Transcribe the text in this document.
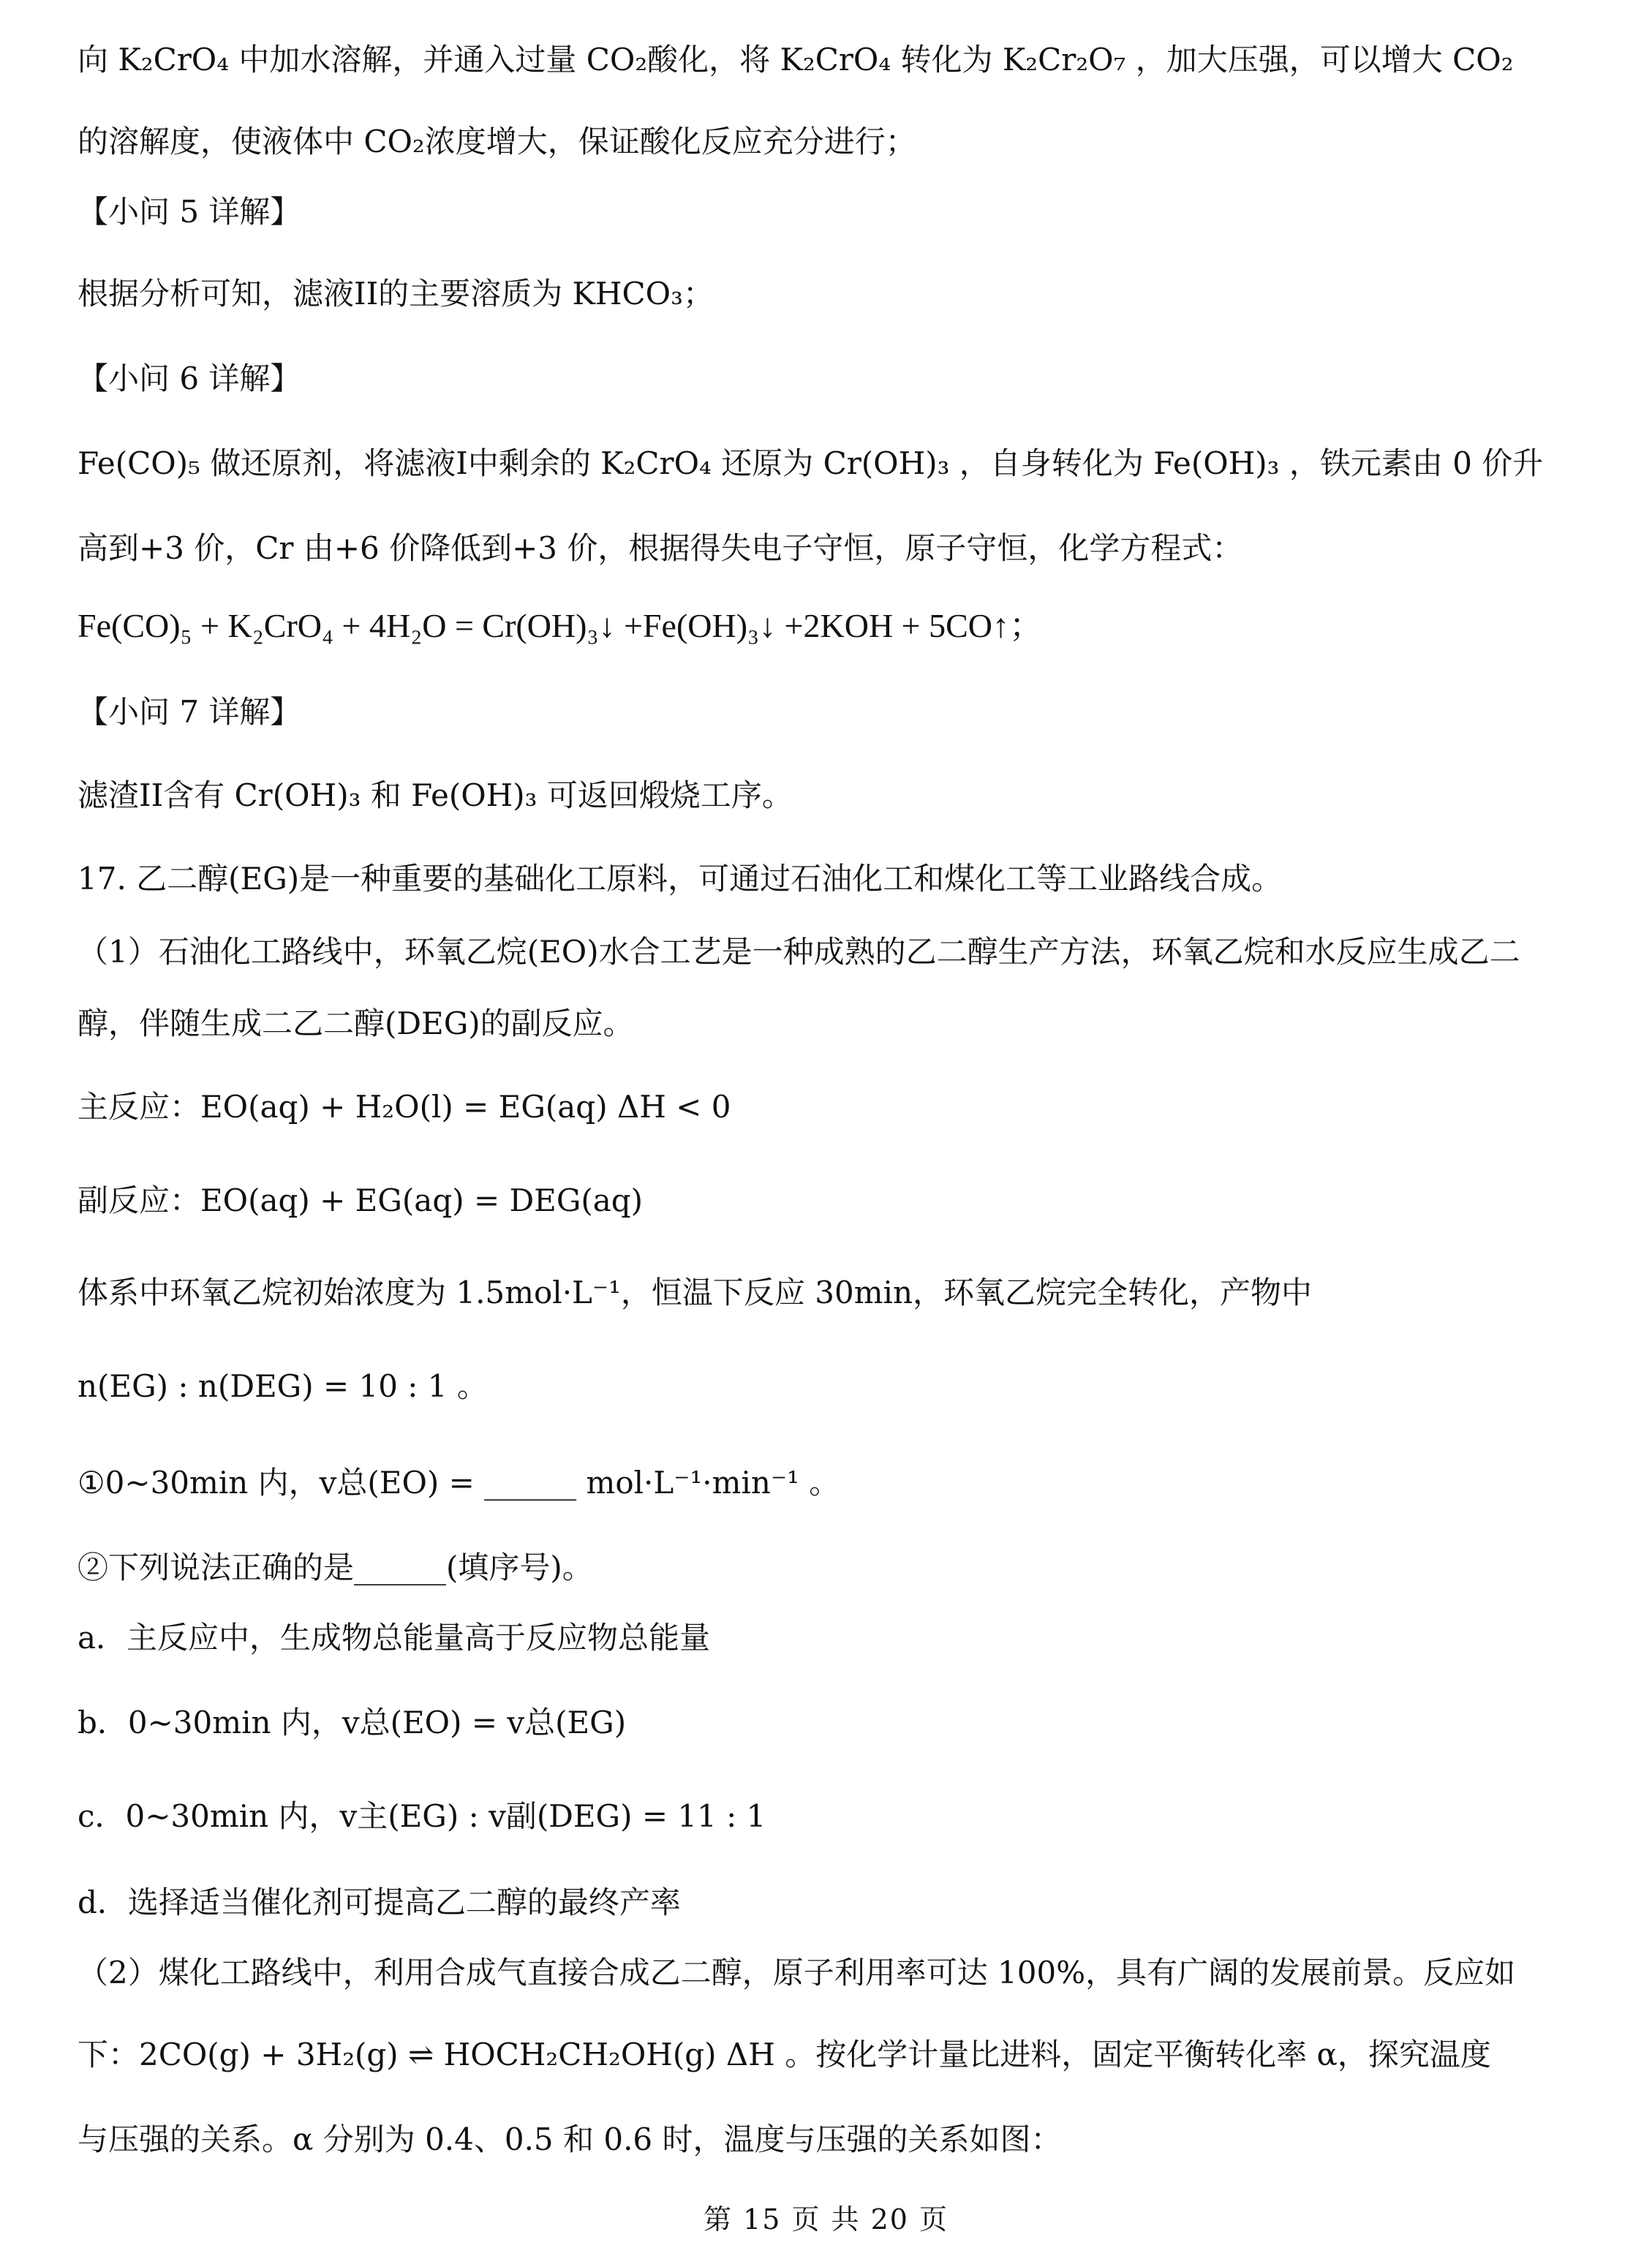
向 K₂CrO₄ 中加水溶解，并通入过量 CO₂酸化，将 K₂CrO₄ 转化为 K₂Cr₂O₇ ，加大压强，可以增大 CO₂
的溶解度，使液体中 CO₂浓度增大，保证酸化反应充分进行；
【小问 5 详解】
根据分析可知，滤液II的主要溶质为 KHCO₃；
【小问 6 详解】
Fe(CO)₅ 做还原剂，将滤液I中剩余的 K₂CrO₄ 还原为 Cr(OH)₃ ，自身转化为 Fe(OH)₃ ，铁元素由 0 价升
高到+3 价，Cr 由+6 价降低到+3 价，根据得失电子守恒，原子守恒，化学方程式：
Fe(CO)₅ + K₂CrO₄ + 4H₂O = Cr(OH)₃↓ +Fe(OH)₃↓ +2KOH + 5CO↑；
【小问 7 详解】
滤渣II含有 Cr(OH)₃ 和 Fe(OH)₃ 可返回煅烧工序。
17. 乙二醇(EG)是一种重要的基础化工原料，可通过石油化工和煤化工等工业路线合成。
（1）石油化工路线中，环氧乙烷(EO)水合工艺是一种成熟的乙二醇生产方法，环氧乙烷和水反应生成乙二
醇，伴随生成二乙二醇(DEG)的副反应。
主反应：EO(aq) + H₂O(l) = EG(aq) ΔH < 0
副反应：EO(aq) + EG(aq) = DEG(aq)
体系中环氧乙烷初始浓度为 1.5mol·L⁻¹，恒温下反应 30min，环氧乙烷完全转化，产物中
n(EG) : n(DEG) = 10 : 1 。
①0~30min 内，v总(EO) = ______ mol·L⁻¹·min⁻¹ 。
②下列说法正确的是______(填序号)。
a．主反应中，生成物总能量高于反应物总能量
b．0~30min 内，v总(EO) = v总(EG)
c．0~30min 内，v主(EG) : v副(DEG) = 11 : 1
d．选择适当催化剂可提高乙二醇的最终产率
（2）煤化工路线中，利用合成气直接合成乙二醇，原子利用率可达 100%，具有广阔的发展前景。反应如
下：2CO(g) + 3H₂(g) ⇌ HOCH₂CH₂OH(g) ΔH 。按化学计量比进料，固定平衡转化率 α，探究温度
与压强的关系。α 分别为 0.4、0.5 和 0.6 时，温度与压强的关系如图：
第 15 页 共 20 页
